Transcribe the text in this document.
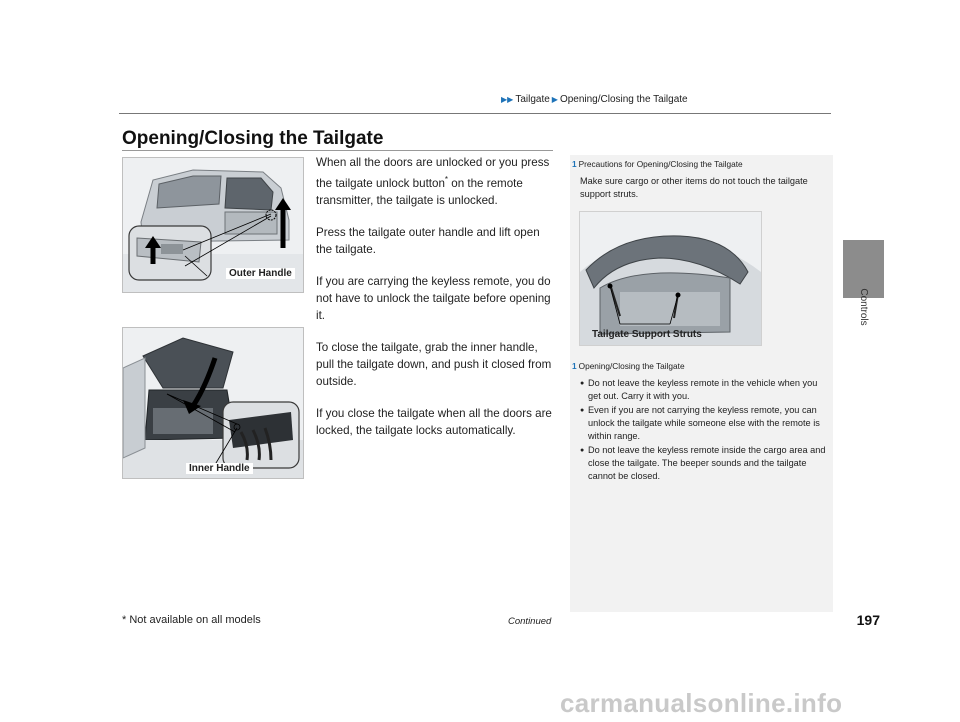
▶▶ Tailgate ▶ Opening/Closing the Tailgate
Controls
Opening/Closing the Tailgate
Outer Handle
Inner Handle

When all the doors are unlocked or you press the tailgate unlock button* on the remote transmitter, the tailgate is unlocked.

Press the tailgate outer handle and lift open the tailgate.

If you are carrying the keyless remote, you do not have to unlock the tailgate before opening it.

To close the tailgate, grab the inner handle, pull the tailgate down, and push it closed from outside.

If you close the tailgate when all the doors are locked, the tailgate locks automatically.

1 Precautions for Opening/Closing the Tailgate
Make sure cargo or other items do not touch the tailgate support struts.
Tailgate Support Struts
1 Opening/Closing the Tailgate
● Do not leave the keyless remote in the vehicle when you get out. Carry it with you.
● Even if you are not carrying the keyless remote, you can unlock the tailgate while someone else with the remote is within range.
● Do not leave the keyless remote inside the cargo area and close the tailgate. The beeper sounds and the tailgate cannot be closed.
* Not available on all models	Continued	197
carmanualsonline.info
